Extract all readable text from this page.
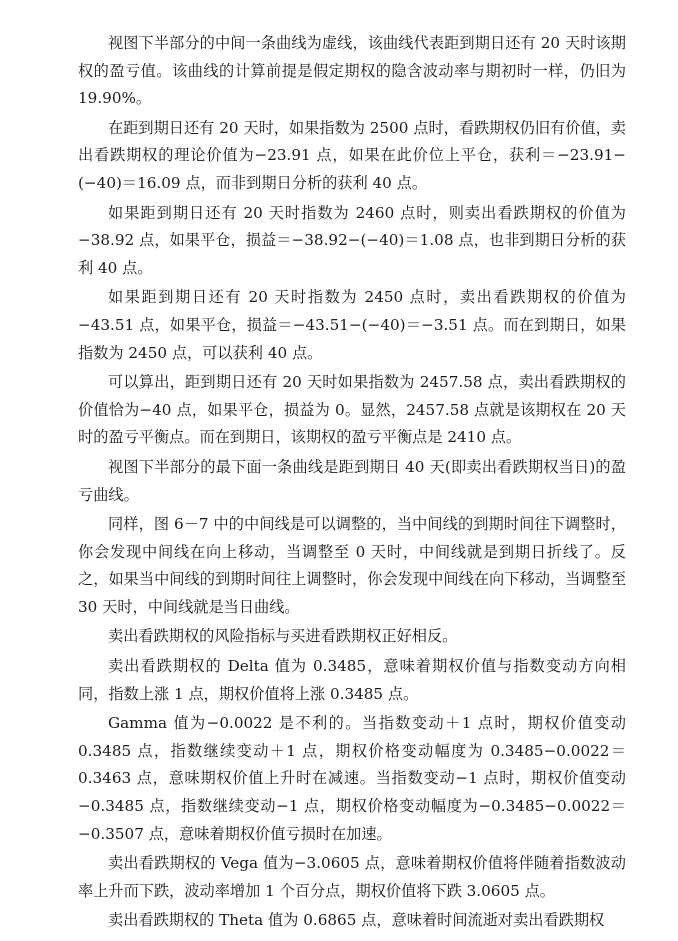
视图下半部分的中间一条曲线为虚线，该曲线代表距到期日还有 20 天时该期权的盈亏值。该曲线的计算前提是假定期权的隐含波动率与期初时一样，仍旧为 19.90%。

在距到期日还有 20 天时，如果指数为 2500 点时，看跌期权仍旧有价值，卖出看跌期权的理论价值为−23.91 点，如果在此价位上平仓，获利＝−23.91−(−40)＝16.09 点，而非到期日分析的获利 40 点。

如果距到期日还有 20 天时指数为 2460 点时，则卖出看跌期权的价值为−38.92 点，如果平仓，损益＝−38.92−(−40)＝1.08 点，也非到期日分析的获利 40 点。

如果距到期日还有 20 天时指数为 2450 点时，卖出看跌期权的价值为−43.51 点，如果平仓，损益＝−43.51−(−40)＝−3.51 点。而在到期日，如果指数为 2450 点，可以获利 40 点。

可以算出，距到期日还有 20 天时如果指数为 2457.58 点，卖出看跌期权的价值恰为−40 点，如果平仓，损益为 0。显然，2457.58 点就是该期权在 20 天时的盈亏平衡点。而在到期日，该期权的盈亏平衡点是 2410 点。

视图下半部分的最下面一条曲线是距到期日 40 天(即卖出看跌期权当日)的盈亏曲线。

同样，图 6－7 中的中间线是可以调整的，当中间线的到期时间往下调整时，你会发现中间线在向上移动，当调整至 0 天时，中间线就是到期日折线了。反之，如果当中间线的到期时间往上调整时，你会发现中间线在向下移动，当调整至 30 天时，中间线就是当日曲线。

卖出看跌期权的风险指标与买进看跌期权正好相反。

卖出看跌期权的 Delta 值为 0.3485，意味着期权价值与指数变动方向相同，指数上涨 1 点，期权价值将上涨 0.3485 点。

Gamma 值为−0.0022 是不利的。当指数变动＋1 点时，期权价值变动 0.3485 点，指数继续变动＋1 点，期权价格变动幅度为 0.3485−0.0022＝0.3463 点，意味期权价值上升时在减速。当指数变动−1 点时，期权价值变动−0.3485 点，指数继续变动−1 点，期权价格变动幅度为−0.3485−0.0022＝−0.3507 点，意味着期权价值亏损时在加速。

卖出看跌期权的 Vega 值为−3.0605 点，意味着期权价值将伴随着指数波动率上升而下跌，波动率增加 1 个百分点，期权价值将下跌 3.0605 点。

卖出看跌期权的 Theta 值为 0.6865 点，意味着时间流逝对卖出看跌期权
